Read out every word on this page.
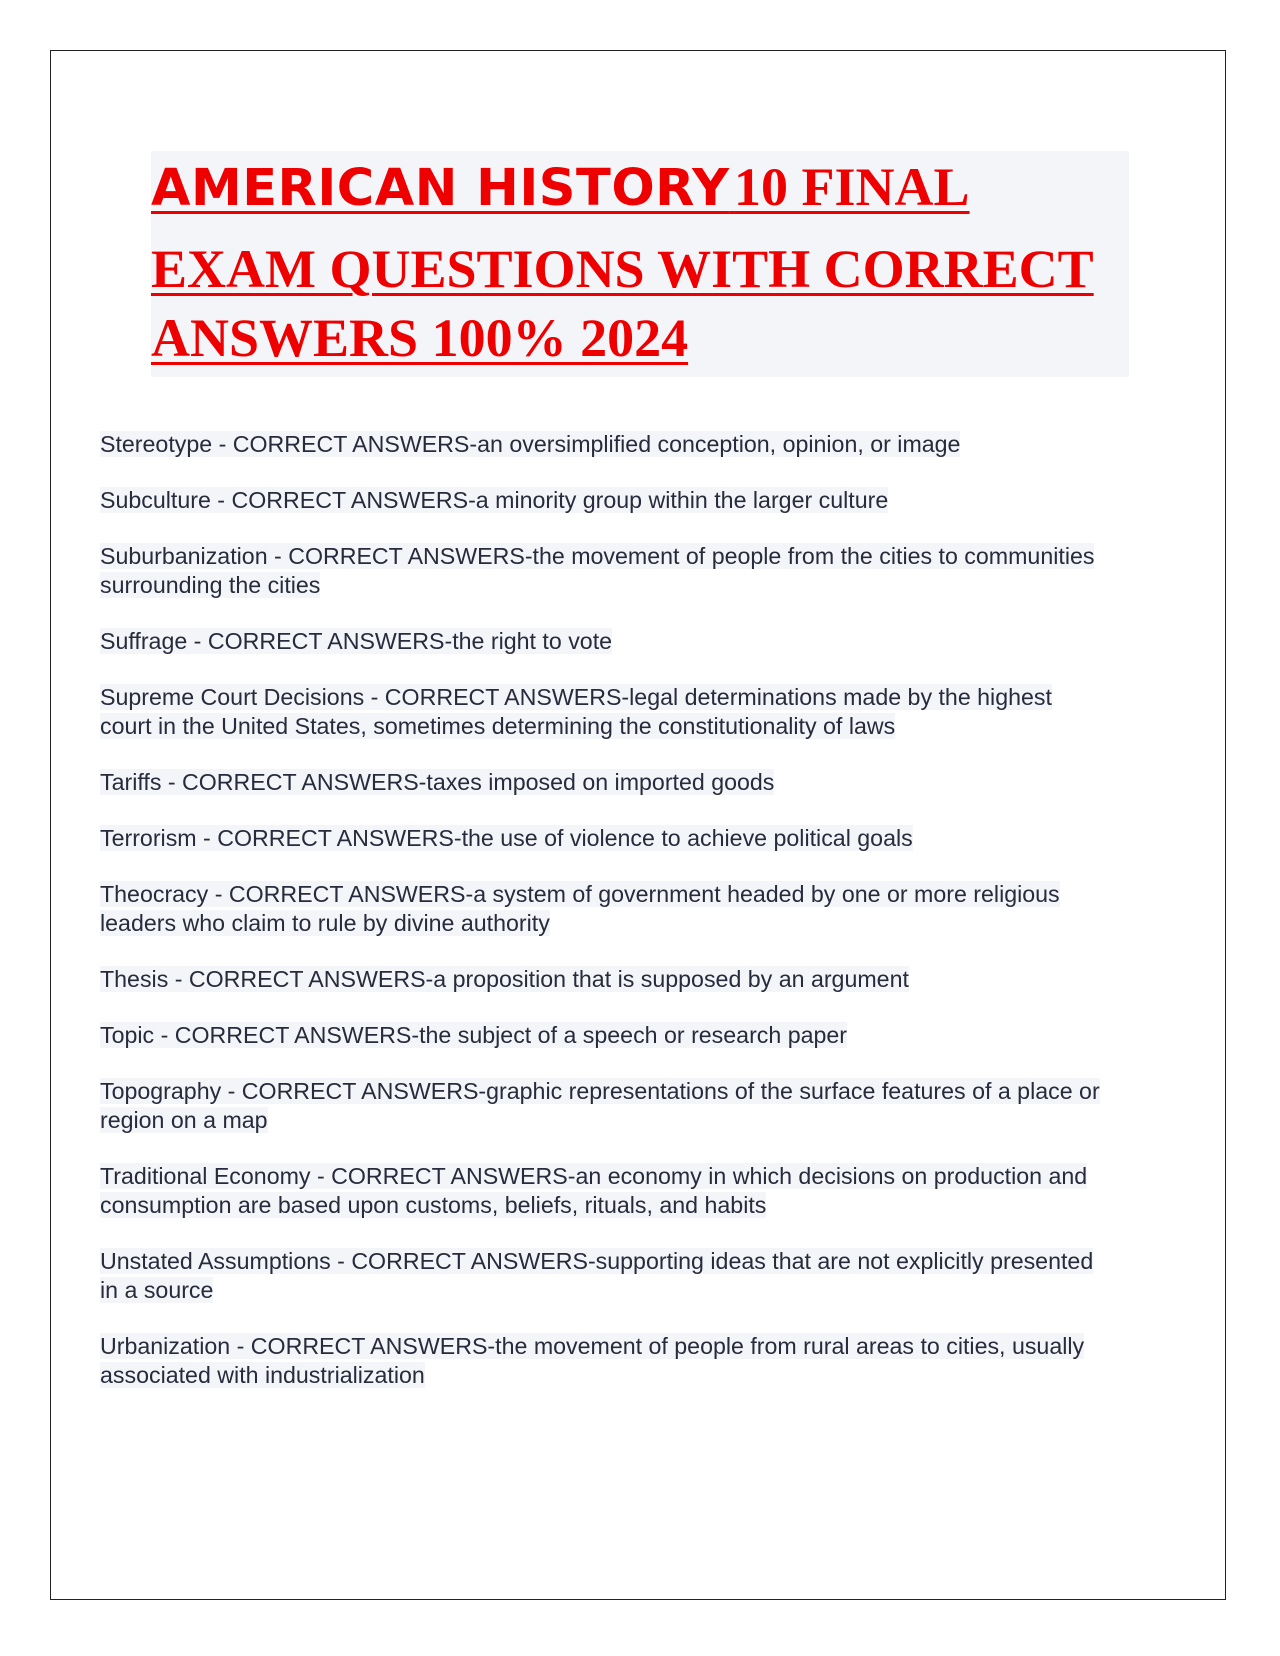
AMERICAN HISTORY 10 FINAL
EXAM QUESTIONS WITH CORRECT
ANSWERS 100% 2024

Stereotype - CORRECT ANSWERS-an oversimplified conception, opinion, or image

Subculture - CORRECT ANSWERS-a minority group within the larger culture

Suburbanization - CORRECT ANSWERS-the movement of people from the cities to communities surrounding the cities

Suffrage - CORRECT ANSWERS-the right to vote

Supreme Court Decisions - CORRECT ANSWERS-legal determinations made by the highest court in the United States, sometimes determining the constitutionality of laws

Tariffs - CORRECT ANSWERS-taxes imposed on imported goods

Terrorism - CORRECT ANSWERS-the use of violence to achieve political goals

Theocracy - CORRECT ANSWERS-a system of government headed by one or more religious leaders who claim to rule by divine authority

Thesis - CORRECT ANSWERS-a proposition that is supposed by an argument

Topic - CORRECT ANSWERS-the subject of a speech or research paper

Topography - CORRECT ANSWERS-graphic representations of the surface features of a place or region on a map

Traditional Economy - CORRECT ANSWERS-an economy in which decisions on production and consumption are based upon customs, beliefs, rituals, and habits

Unstated Assumptions - CORRECT ANSWERS-supporting ideas that are not explicitly presented in a source

Urbanization - CORRECT ANSWERS-the movement of people from rural areas to cities, usually associated with industrialization
